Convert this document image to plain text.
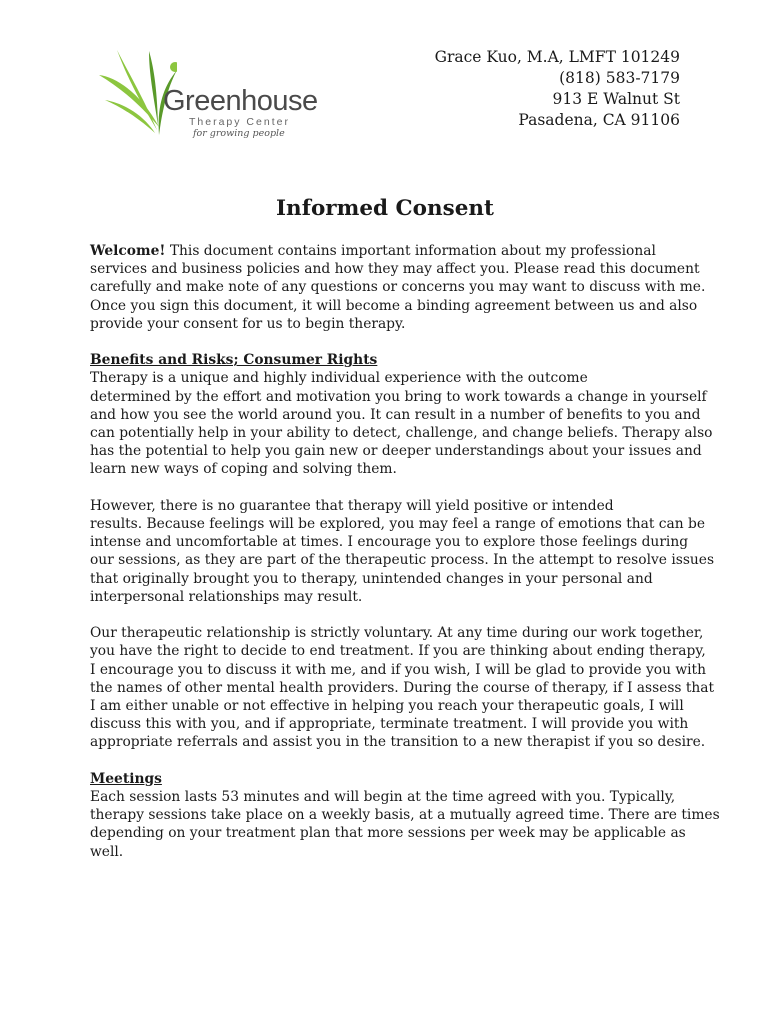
Greenhouse
Therapy Center
for growing people
Grace Kuo, M.A, LMFT 101249
(818) 583-7179
913 E Walnut St
Pasadena, CA 91106
Informed Consent

Welcome! This document contains important information about my professional
services and business policies and how they may affect you. Please read this document
carefully and make note of any questions or concerns you may want to discuss with me.
Once you sign this document, it will become a binding agreement between us and also
provide your consent for us to begin therapy.

Benefits and Risks; Consumer Rights

Therapy is a unique and highly individual experience with the outcome
determined by the effort and motivation you bring to work towards a change in yourself
and how you see the world around you. It can result in a number of benefits to you and
can potentially help in your ability to detect, challenge, and change beliefs. Therapy also
has the potential to help you gain new or deeper understandings about your issues and
learn new ways of coping and solving them.

However, there is no guarantee that therapy will yield positive or intended
results. Because feelings will be explored, you may feel a range of emotions that can be
intense and uncomfortable at times. I encourage you to explore those feelings during
our sessions, as they are part of the therapeutic process. In the attempt to resolve issues
that originally brought you to therapy, unintended changes in your personal and
interpersonal relationships may result.

Our therapeutic relationship is strictly voluntary. At any time during our work together,
you have the right to decide to end treatment. If you are thinking about ending therapy,
I encourage you to discuss it with me, and if you wish, I will be glad to provide you with
the names of other mental health providers. During the course of therapy, if I assess that
I am either unable or not effective in helping you reach your therapeutic goals, I will
discuss this with you, and if appropriate, terminate treatment. I will provide you with
appropriate referrals and assist you in the transition to a new therapist if you so desire.

Meetings

Each session lasts 53 minutes and will begin at the time agreed with you. Typically,
therapy sessions take place on a weekly basis, at a mutually agreed time. There are times
depending on your treatment plan that more sessions per week may be applicable as
well.
